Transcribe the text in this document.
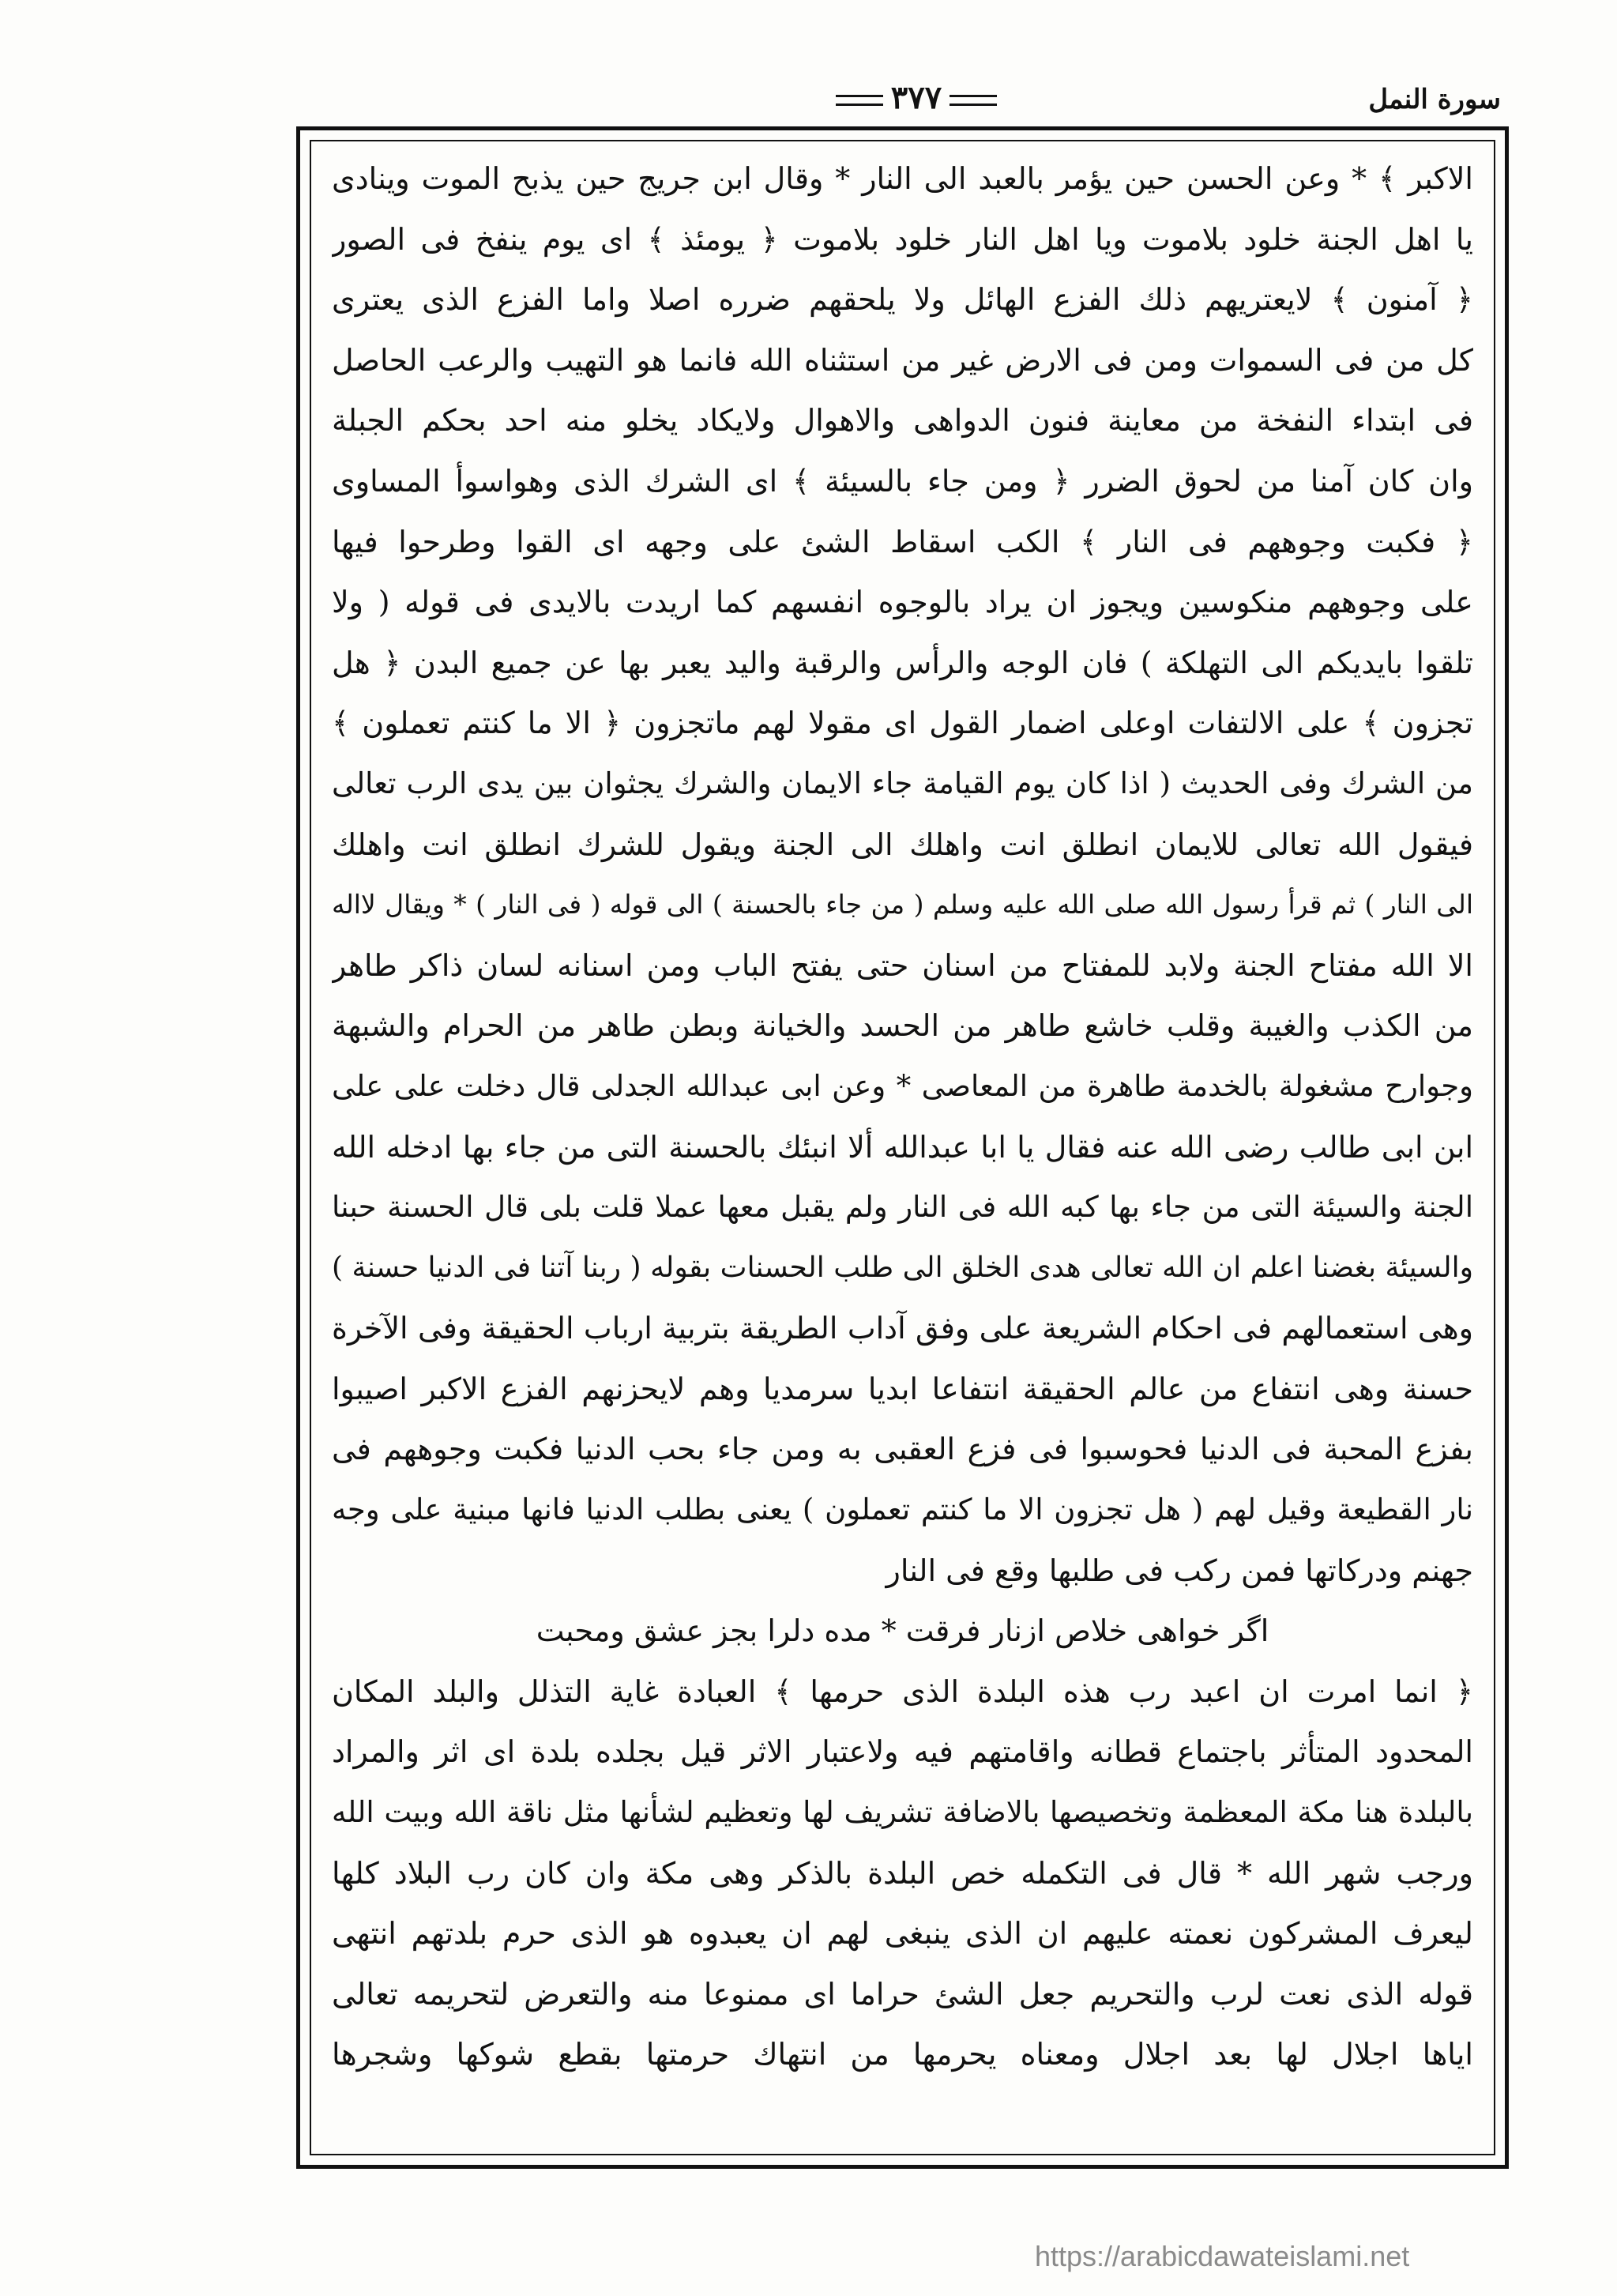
سورة النمل
٣٧٧
الاكبر ﴾ * وعن الحسن حين يؤمر بالعبد الى النار * وقال ابن جريج حين يذبح الموت وينادى
يا اهل الجنة خلود بلاموت ويا اهل النار خلود بلاموت ﴿ يومئذ ﴾ اى يوم ينفخ فى الصور
﴿ آمنون ﴾ لايعتريهم ذلك الفزع الهائل ولا يلحقهم ضرره اصلا واما الفزع الذى يعترى
كل من فى السموات ومن فى الارض غير من استثناه الله فانما هو التهيب والرعب الحاصل
فى ابتداء النفخة من معاينة فنون الدواهى والاهوال ولايكاد يخلو منه احد بحكم الجبلة
وان كان آمنا من لحوق الضرر ﴿ ومن جاء بالسيئة ﴾ اى الشرك الذى وهواسوأ المساوى
﴿ فكبت وجوههم فى النار ﴾ الكب اسقاط الشئ على وجهه اى القوا وطرحوا فيها
على وجوههم منكوسين ويجوز ان يراد بالوجوه انفسهم كما اريدت بالايدى فى قوله ( ولا
تلقوا بايديكم الى التهلكة ) فان الوجه والرأس والرقبة واليد يعبر بها عن جميع البدن ﴿ هل
تجزون ﴾ على الالتفات اوعلى اضمار القول اى مقولا لهم ماتجزون ﴿ الا ما كنتم تعملون ﴾
من الشرك وفى الحديث ( اذا كان يوم القيامة جاء الايمان والشرك يجثوان بين يدى الرب تعالى
فيقول الله تعالى للايمان انطلق انت واهلك الى الجنة ويقول للشرك انطلق انت واهلك
الى النار ) ثم قرأ رسول الله صلى الله عليه وسلم ( من جاء بالحسنة ) الى قوله ( فى النار ) * ويقال لااله
الا الله مفتاح الجنة ولابد للمفتاح من اسنان حتى يفتح الباب ومن اسنانه لسان ذاكر طاهر
من الكذب والغيبة وقلب خاشع طاهر من الحسد والخيانة وبطن طاهر من الحرام والشبهة
وجوارح مشغولة بالخدمة طاهرة من المعاصى * وعن ابى عبدالله الجدلى قال دخلت على على
ابن ابى طالب رضى الله عنه فقال يا ابا عبدالله ألا انبئك بالحسنة التى من جاء بها ادخله الله
الجنة والسيئة التى من جاء بها كبه الله فى النار ولم يقبل معها عملا قلت بلى قال الحسنة حبنا
والسيئة بغضنا اعلم ان الله تعالى هدى الخلق الى طلب الحسنات بقوله ( ربنا آتنا فى الدنيا حسنة )
وهى استعمالهم فى احكام الشريعة على وفق آداب الطريقة بتربية ارباب الحقيقة وفى الآخرة
حسنة وهى انتفاع من عالم الحقيقة انتفاعا ابديا سرمديا وهم لايحزنهم الفزع الاكبر اصيبوا
بفزع المحبة فى الدنيا فحوسبوا فى فزع العقبى به ومن جاء بحب الدنيا فكبت وجوههم فى
نار القطيعة وقيل لهم ( هل تجزون الا ما كنتم تعملون ) يعنى بطلب الدنيا فانها مبنية على وجه
جهنم ودركاتها فمن ركب فى طلبها وقع فى النار
اگر خواهى خلاص ازنار فرقت * مده دلرا بجز عشق ومحبت
﴿ انما امرت ان اعبد رب هذه البلدة الذى حرمها ﴾ العبادة غاية التذلل والبلد المكان
المحدود المتأثر باجتماع قطانه واقامتهم فيه ولاعتبار الاثر قيل بجلده بلدة اى اثر والمراد
بالبلدة هنا مكة المعظمة وتخصيصها بالاضافة تشريف لها وتعظيم لشأنها مثل ناقة الله وبيت الله
ورجب شهر الله * قال فى التكمله خص البلدة بالذكر وهى مكة وان كان رب البلاد كلها
ليعرف المشركون نعمته عليهم ان الذى ينبغى لهم ان يعبدوه هو الذى حرم بلدتهم انتهى
قوله الذى نعت لرب والتحريم جعل الشئ حراما اى ممنوعا منه والتعرض لتحريمه تعالى
اياها اجلال لها بعد اجلال ومعناه يحرمها من انتهاك حرمتها بقطع شوكها وشجرها
https://arabicdawateislami.net
